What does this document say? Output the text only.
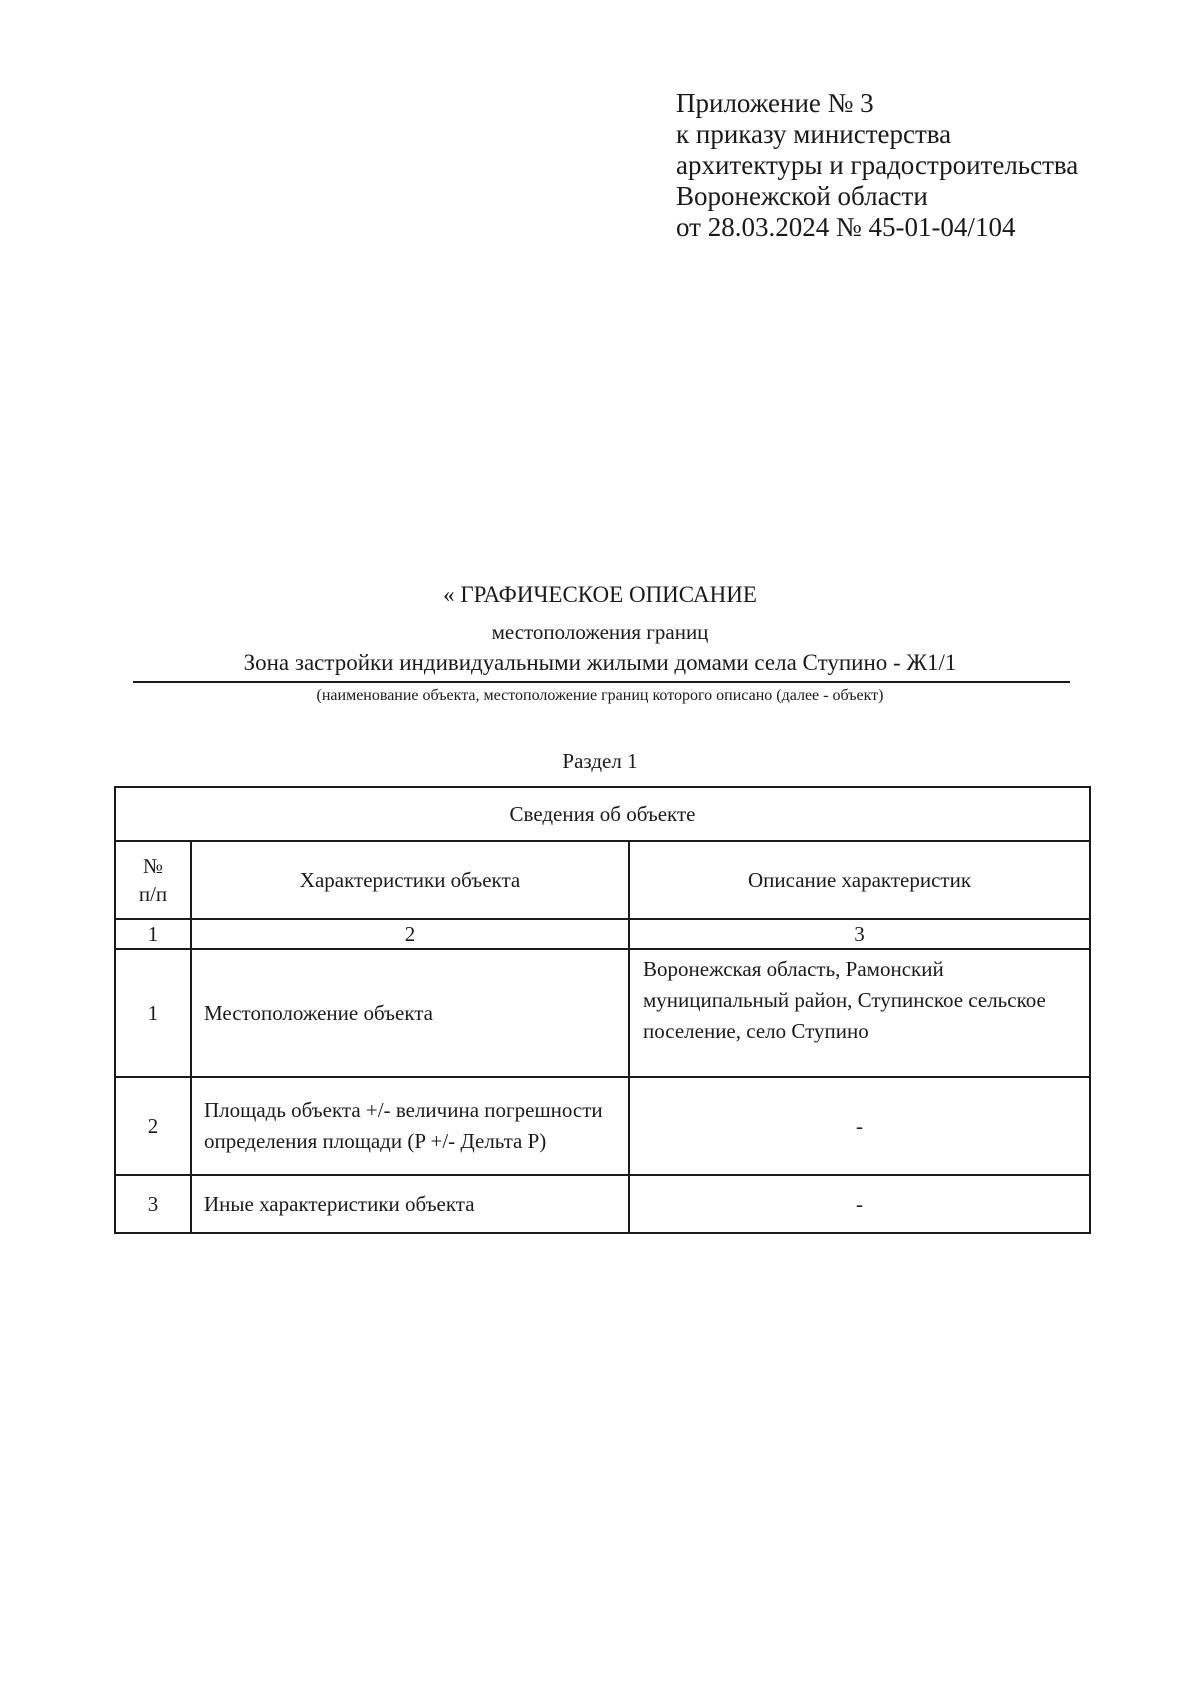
Приложение № 3
к приказу министерства
архитектуры и градостроительства
Воронежской области
от 28.03.2024 № 45-01-04/104
« ГРАФИЧЕСКОЕ ОПИСАНИЕ
местоположения границ
Зона застройки индивидуальными жилыми домами села Ступино - Ж1/1
(наименование объекта, местоположение границ которого описано (далее - объект)
Раздел 1
Сведения об объекте		
№ п/п	Характеристики объекта	Описание характеристик
1	2	3
1	Местоположение объекта	Воронежская область, Рамонский муниципальный район, Ступинское сельское поселение, село Ступино
2	Площадь объекта +/- величина погрешности определения площади (P +/- Дельта P)	-
3	Иные характеристики объекта	-
